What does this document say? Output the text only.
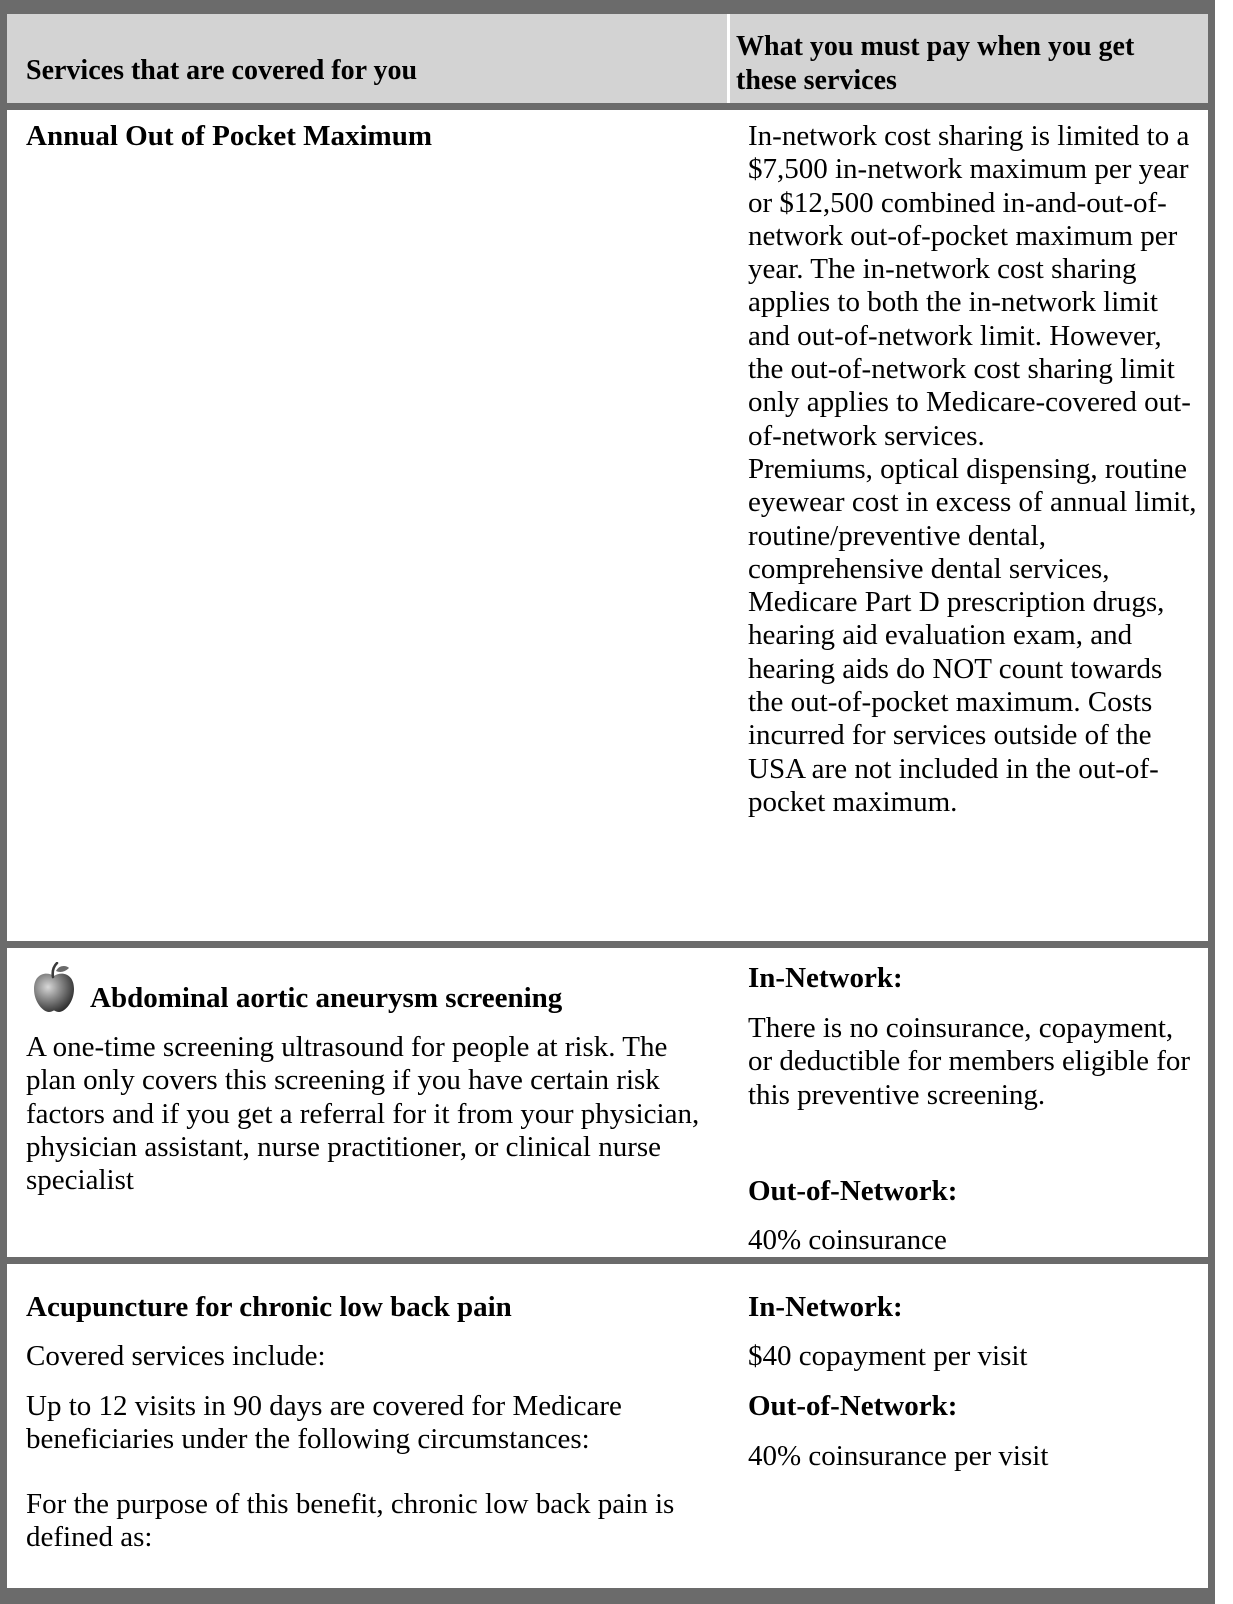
Services that are covered for you
What you must pay when you get these services
Annual Out of Pocket Maximum	In-network cost sharing is limited to a $7,500 in-network maximum per year or $12,500 combined in-and-out-of-network out-of-pocket maximum per year. The in-network cost sharing applies to both the in-network limit and out-of-network limit. However, the out-of-network cost sharing limit only applies to Medicare-covered out-of-network services.

Premiums, optical dispensing, routine eyewear cost in excess of annual limit, routine/preventive dental, comprehensive dental services, Medicare Part D prescription drugs, hearing aid evaluation exam, and hearing aids do NOT count towards the out-of-pocket maximum. Costs incurred for services outside of the USA are not included in the out-of-pocket maximum.

Abdominal aortic aneurysm screening
A one-time screening ultrasound for people at risk. The plan only covers this screening if you have certain risk factors and if you get a referral for it from your physician, physician assistant, nurse practitioner, or clinical nurse specialist
In-Network:
There is no coinsurance, copayment, or deductible for members eligible for this preventive screening.
Out-of-Network:
40% coinsurance
Acupuncture for chronic low back pain
Covered services include:
Up to 12 visits in 90 days are covered for Medicare beneficiaries under the following circumstances:
For the purpose of this benefit, chronic low back pain is defined as:
In-Network:
$40 copayment per visit
Out-of-Network:
40% coinsurance per visit
